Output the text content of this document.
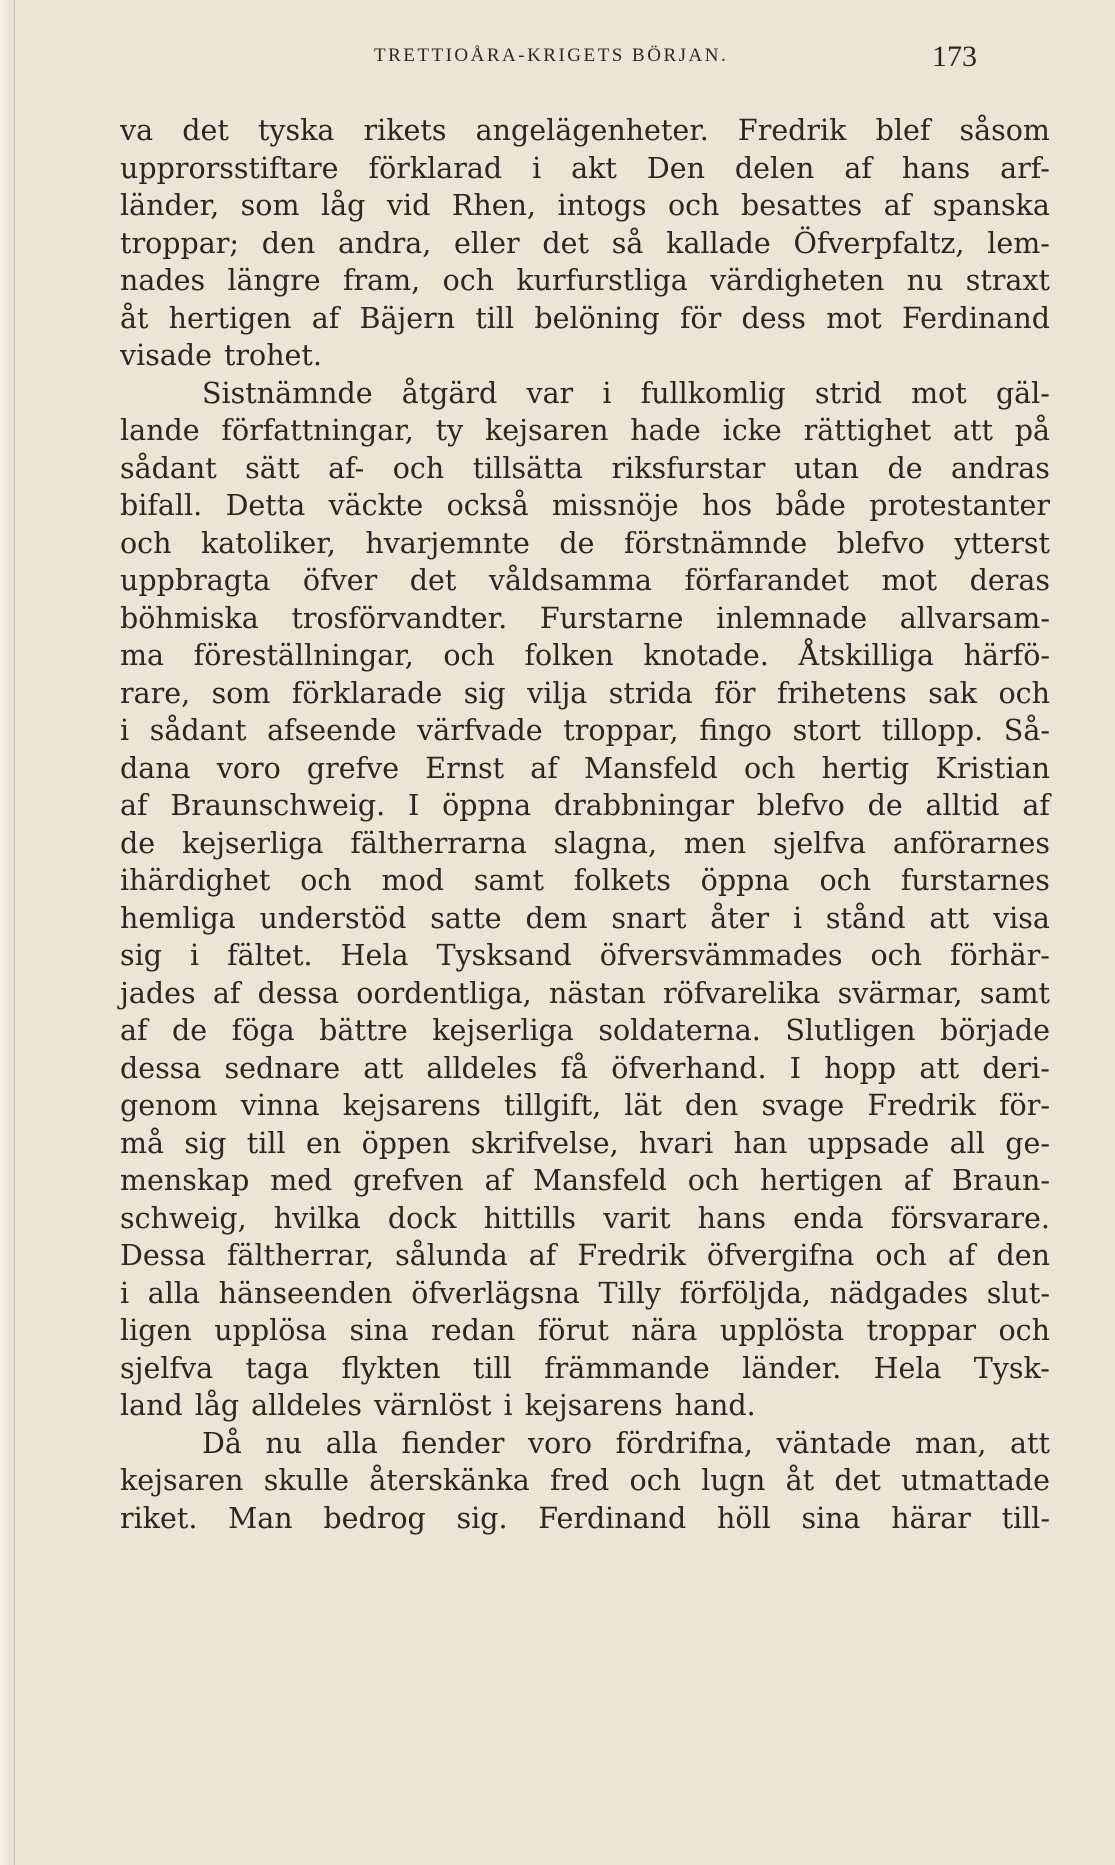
TRETTIOÅRA-KRIGETS BÖRJAN.	173
va det tyska rikets angelägenheter. Fredrik blef såsom
upprorsstiftare förklarad i akt Den delen af hans arf-
länder, som låg vid Rhen, intogs och besattes af spanska
troppar; den andra, eller det så kallade Öfverpfaltz, lem-
nades längre fram, och kurfurstliga värdigheten nu straxt
åt hertigen af Bäjern till belöning för dess mot Ferdinand
visade trohet.
Sistnämnde åtgärd var i fullkomlig strid mot gäl-
lande författningar, ty kejsaren hade icke rättighet att på
sådant sätt af- och tillsätta riksfurstar utan de andras
bifall. Detta väckte också missnöje hos både protestanter
och katoliker, hvarjemnte de förstnämnde blefvo ytterst
uppbragta öfver det våldsamma förfarandet mot deras
böhmiska trosförvandter. Furstarne inlemnade allvarsam-
ma föreställningar, och folken knotade. Åtskilliga härfö-
rare, som förklarade sig vilja strida för frihetens sak och
i sådant afseende värfvade troppar, fingo stort tillopp. Så-
dana voro grefve Ernst af Mansfeld och hertig Kristian
af Braunschweig. I öppna drabbningar blefvo de alltid af
de kejserliga fältherrarna slagna, men sjelfva anförarnes
ihärdighet och mod samt folkets öppna och furstarnes
hemliga understöd satte dem snart åter i stånd att visa
sig i fältet. Hela Tysksand öfversvämmades och förhär-
jades af dessa oordentliga, nästan röfvarelika svärmar, samt
af de föga bättre kejserliga soldaterna. Slutligen började
dessa sednare att alldeles få öfverhand. I hopp att deri-
genom vinna kejsarens tillgift, lät den svage Fredrik för-
må sig till en öppen skrifvelse, hvari han uppsade all ge-
menskap med grefven af Mansfeld och hertigen af Braun-
schweig, hvilka dock hittills varit hans enda försvarare.
Dessa fältherrar, sålunda af Fredrik öfvergifna och af den
i alla hänseenden öfverlägsna Tilly förföljda, nädgades slut-
ligen upplösa sina redan förut nära upplösta troppar och
sjelfva taga flykten till främmande länder. Hela Tysk-
land låg alldeles värnlöst i kejsarens hand.
Då nu alla fiender voro fördrifna, väntade man, att
kejsaren skulle återskänka fred och lugn åt det utmattade
riket. Man bedrog sig. Ferdinand höll sina härar till-
